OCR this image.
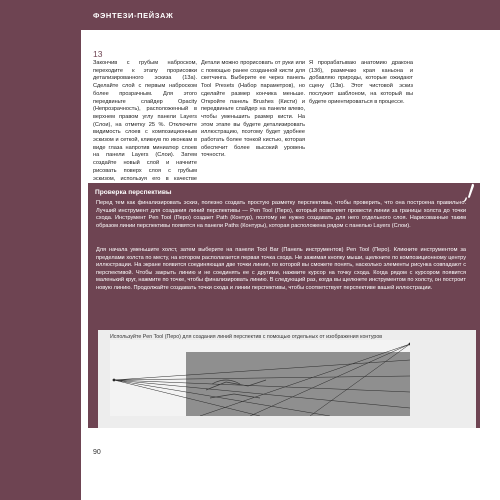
ФЭНТЕЗИ-ПЕЙЗАЖ
13
Закончив с грубым наброском, переходите к этапу прорисовки детализированного эскиза (13a). Сделайте слой с первым наброском более прозрачным. Для этого передвиньте слайдер Opacity (Непрозрачность), расположенный в верхнем правом углу панели Layers (Слои), на отметку 25 %. Отключите видимость слоев с композиционным эскизом и сеткой, кликнув по иконкам в виде глаза напротив миниатюр слоев на панели Layers (Слои). Затем создайте новый слой и начните рисовать поверх слоя с грубым эскизом, используя его в качестве
Детали можно прорисовать от руки или с помощью ранее созданной кисти для скетчинга. Выберите ее через панель Tool Presets (Набор параметров), но сделайте размер кончика меньше. Откройте панель Brushes (Кисти) и передвиньте слайдер на панели влево, чтобы уменьшить размер кисти. На этом этапе вы будете детализировать иллюстрацию, поэтому будет удобнее работать более тонкой кистью, которая обеспечит более высокий уровень точности.
Я прорабатываю анатомию дракона (13б), размечаю края каньона и добавляю природы, которые ожидают сцену (13в). Этот чистовой эскиз послужит шаблоном, на который вы будете ориентироваться в процессе.
Проверка перспективы
Перед тем как финализировать эскиз, полезно создать простую разметку перспективы, чтобы проверить, что она построена правильно. Лучший инструмент для создания линий перспективы — Pen Tool (Перо), который позволяет провести линии за границы холста до точки схода. Инструмент Pen Tool (Перо) создает Path (Контур), поэтому не нужно создавать для него отдельного слоя. Нарисованные таким образом линии перспективы появятся на панели Paths (Контуры), которая расположена рядом с панелью Layers (Слои).
Для начала уменьшите холст, затем выберите на панели Tool Bar (Панель инструментов) Pen Tool (Перо). Кликните инструментом за пределами холста по месту, на котором располагается первая точка схода. Не зажимая кнопку мыши, щелкните по композиционному центру иллюстрации. На экране появится соединяющая две точки линия, по которой вы сможете понять, насколько элементы рисунка совпадают с перспективой. Чтобы закрыть линию и не соединять ее с другими, нажмите курсор на точку схода. Когда рядом с курсором появится маленький круг, нажмите по точке, чтобы финализировать линию. В следующий раз, когда вы щелкнете инструментом по холсту, он построит новую линию. Продолжайте создавать точки схода и линии перспективы, чтобы соответствует перспективе вашей иллюстрации.
Используйте Pen Tool (Перо) для создания линий перспектив с помощью отдельных от изображения контуров
90
